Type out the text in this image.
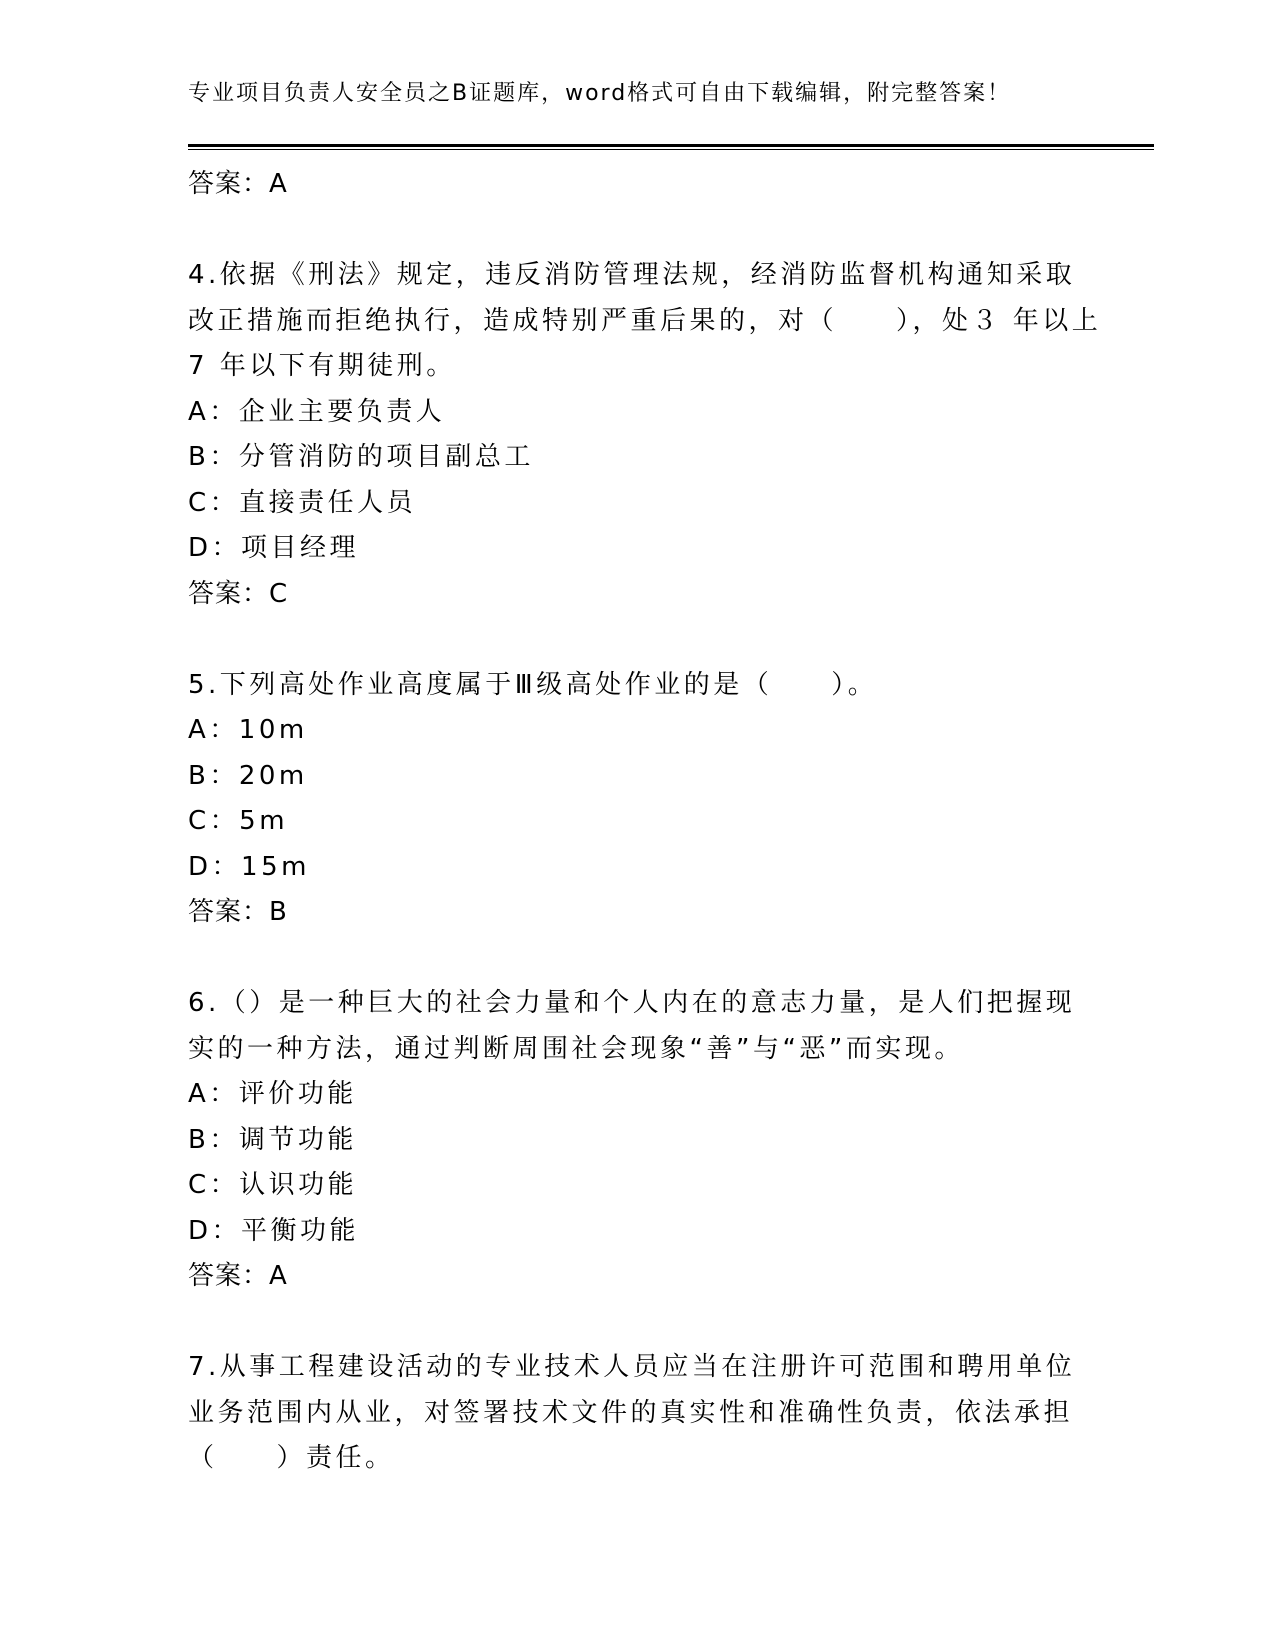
专业项目负责人安全员之B证题库，word格式可自由下载编辑，附完整答案！
答案：A
4.依据《刑法》规定，违反消防管理法规，经消防监督机构通知采取
改正措施而拒绝执行，造成特别严重后果的，对（　　），处３ 年以上
7 年以下有期徒刑。
A：企业主要负责人
B：分管消防的项目副总工
C：直接责任人员
D：项目经理
答案：C
5.下列高处作业高度属于Ⅲ级高处作业的是（　　）。
A：10m
B：20m
C：5m
D：15m
答案：B
6.（）是一种巨大的社会力量和个人内在的意志力量，是人们把握现
实的一种方法，通过判断周围社会现象“善”与“恶”而实现。
A：评价功能
B：调节功能
C：认识功能
D：平衡功能
答案：A
7.从事工程建设活动的专业技术人员应当在注册许可范围和聘用单位
业务范围内从业，对签署技术文件的真实性和准确性负责，依法承担
（　　）责任。
